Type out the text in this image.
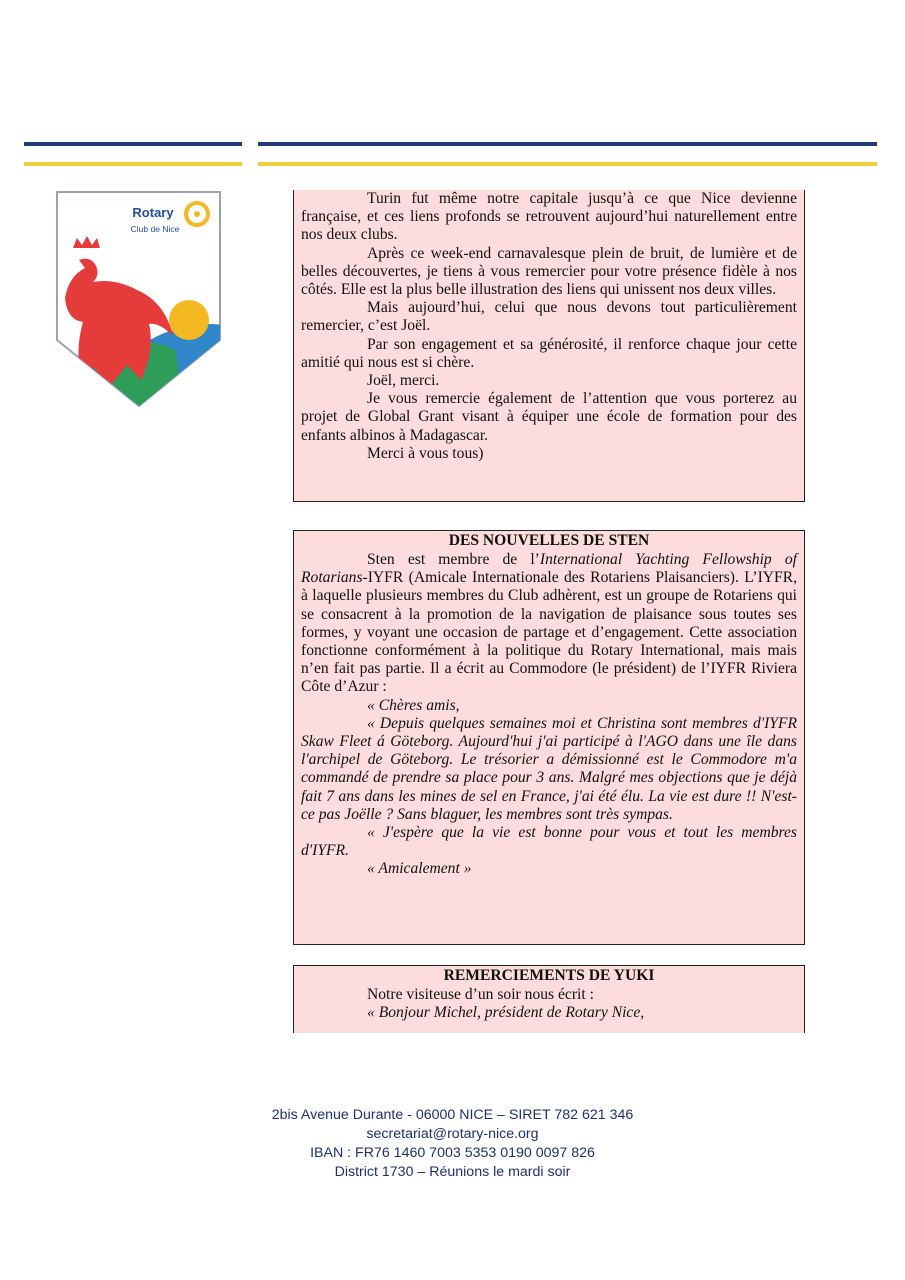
Rotary
Club de Nice

Turin fut même notre capitale jusqu’à ce que Nice devienne française, et ces liens profonds se retrouvent aujourd’hui naturellement entre nos deux clubs.

Après ce week-end carnavalesque plein de bruit, de lumière et de belles découvertes, je tiens à vous remercier pour votre présence fidèle à nos côtés. Elle est la plus belle illustration des liens qui unissent nos deux villes.

Mais aujourd’hui, celui que nous devons tout particulièrement remercier, c’est Joël.

Par son engagement et sa générosité, il renforce chaque jour cette amitié qui nous est si chère.

Joël, merci.

Je vous remercie également de l’attention que vous porterez au projet de Global Grant visant à équiper une école de formation pour des enfants albinos à Madagascar.

Merci à vous tous)

DES NOUVELLES DE STEN

Sten est membre de l’International Yachting Fellowship of Rotarians-IYFR (Amicale Internationale des Rotariens Plaisanciers). L’IYFR, à laquelle plusieurs membres du Club adhèrent, est un groupe de Rotariens qui se consacrent à la promotion de la navigation de plaisance sous toutes ses formes, y voyant une occasion de partage et d’engagement. Cette association fonctionne conformément à la politique du Rotary International, mais mais n’en fait pas partie. Il a écrit au Commodore (le président) de l’IYFR Riviera Côte d’Azur :

« Chères amis,

« Depuis quelques semaines moi et Christina sont membres d'IYFR Skaw Fleet á Göteborg. Aujourd'hui j'ai participé à l'AGO dans une île dans l'archipel de Göteborg. Le trésorier a démissionné est le Commodore m'a commandé de prendre sa place pour 3 ans. Malgré mes objections que je déjà fait 7 ans dans les mines de sel en France, j'ai été élu. La vie est dure !! N'est-ce pas Joëlle ? Sans blaguer, les membres sont très sympas.

« J'espère que la vie est bonne pour vous et tout les membres d'IYFR.

« Amicalement »

REMERCIEMENTS DE YUKI

Notre visiteuse d’un soir nous écrit :

« Bonjour Michel, président de Rotary Nice,

2bis Avenue Durante - 06000 NICE – SIRET 782 621 346
secretariat@rotary-nice.org
IBAN : FR76 1460 7003 5353 0190 0097 826
District 1730 – Réunions le mardi soir
